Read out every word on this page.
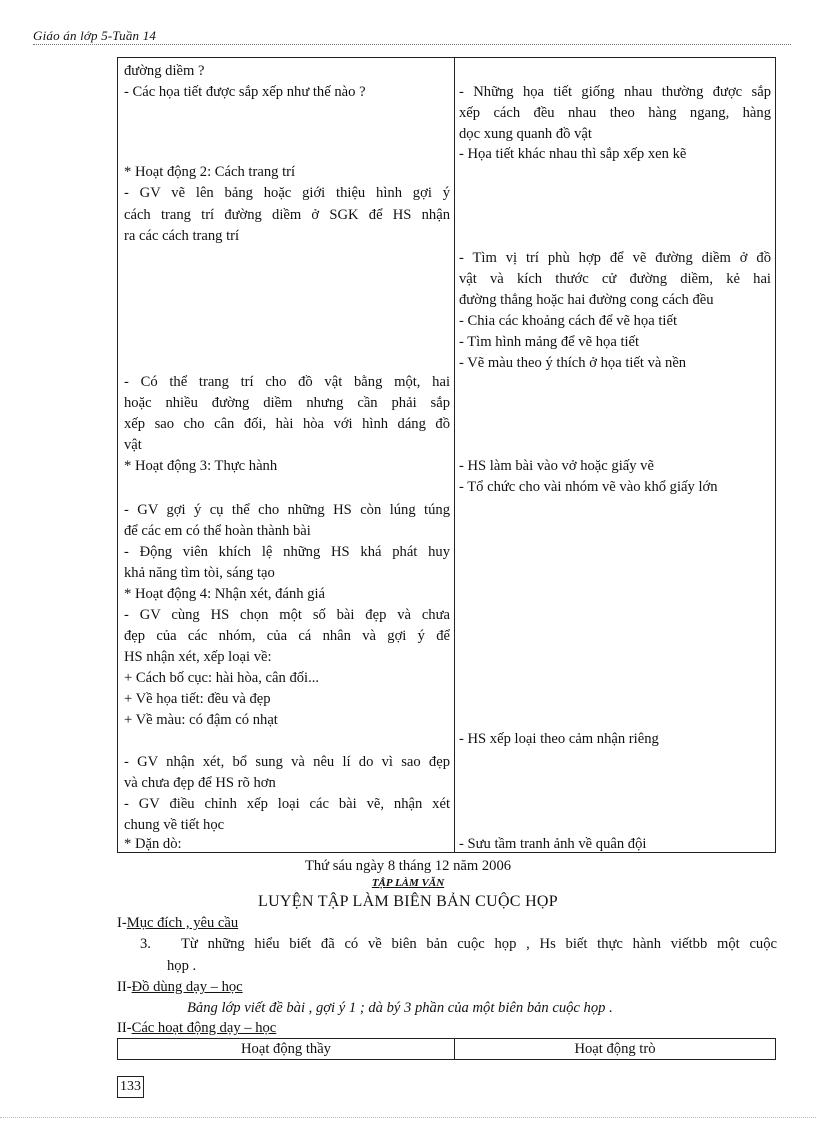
Giáo án lớp 5-Tuần 14
đường diềm ?
- Các họa tiết được sắp xếp như thế nào ?
* Hoạt động 2: Cách trang trí
- GV vẽ lên bảng hoặc giới thiệu hình gợi ý
cách trang trí đường diềm ở SGK để HS nhận
ra các cách trang trí
- Có thể trang trí cho đồ vật bằng một, hai
hoặc nhiều đường diềm nhưng cần phải sắp
xếp sao cho cân đối, hài hòa với hình dáng đồ
vật
* Hoạt động 3: Thực hành
- GV gợi ý cụ thể cho những HS còn lúng túng
để các em có thể hoàn thành bài
- Động viên khích lệ những HS khá phát huy
khả năng tìm tòi, sáng tạo
* Hoạt động 4: Nhận xét, đánh giá
- GV cùng HS chọn một số bài đẹp và chưa
đẹp của các nhóm, của cá nhân và gợi ý để
HS nhận xét, xếp loại về:
+ Cách bố cục: hài hòa, cân đối...
+ Về họa tiết: đều và đẹp
+ Về màu: có đậm có nhạt
- GV nhận xét, bổ sung và nêu lí do vì sao đẹp
và chưa đẹp để HS rõ hơn
- GV điều chỉnh xếp loại các bài vẽ, nhận xét
chung về tiết học
* Dặn dò:
- Những họa tiết giống nhau thường được sắp
xếp cách đều nhau theo hàng ngang, hàng
dọc xung quanh đồ vật
- Họa tiết khác nhau thì sắp xếp xen kẽ
- Tìm vị trí phù hợp để vẽ đường diềm ở đồ
vật và kích thước cử đường diềm, kẻ hai
đường thẳng hoặc hai đường cong cách đều
- Chia các khoảng cách để vẽ họa tiết
- Tìm hình mảng để vẽ họa tiết
- Vẽ màu theo ý thích ở họa tiết và nền
- HS làm bài vào vở hoặc giấy vẽ
- Tổ chức cho vài nhóm vẽ vào khổ giấy lớn
- HS xếp loại theo cảm nhận riêng
- Sưu tầm tranh ảnh về quân đội
Thứ sáu ngày 8 tháng 12 năm 2006
TẬP LÀM VĂN
LUYỆN TẬP LÀM BIÊN BẢN CUỘC HỌP
I-Mục đích , yêu cầu
3. Từ những hiểu biết đã có về biên bản cuộc họp , Hs biết thực hành viếtbb một cuộc
họp .
II-Đồ dùng dạy – học
Bảng lớp viết đề bài , gợi ý 1 ; dà bý 3 phần của một biên bản cuộc họp .
II-Các hoạt động dạy – học
Hoạt động thầy	Hoạt động trò
133
